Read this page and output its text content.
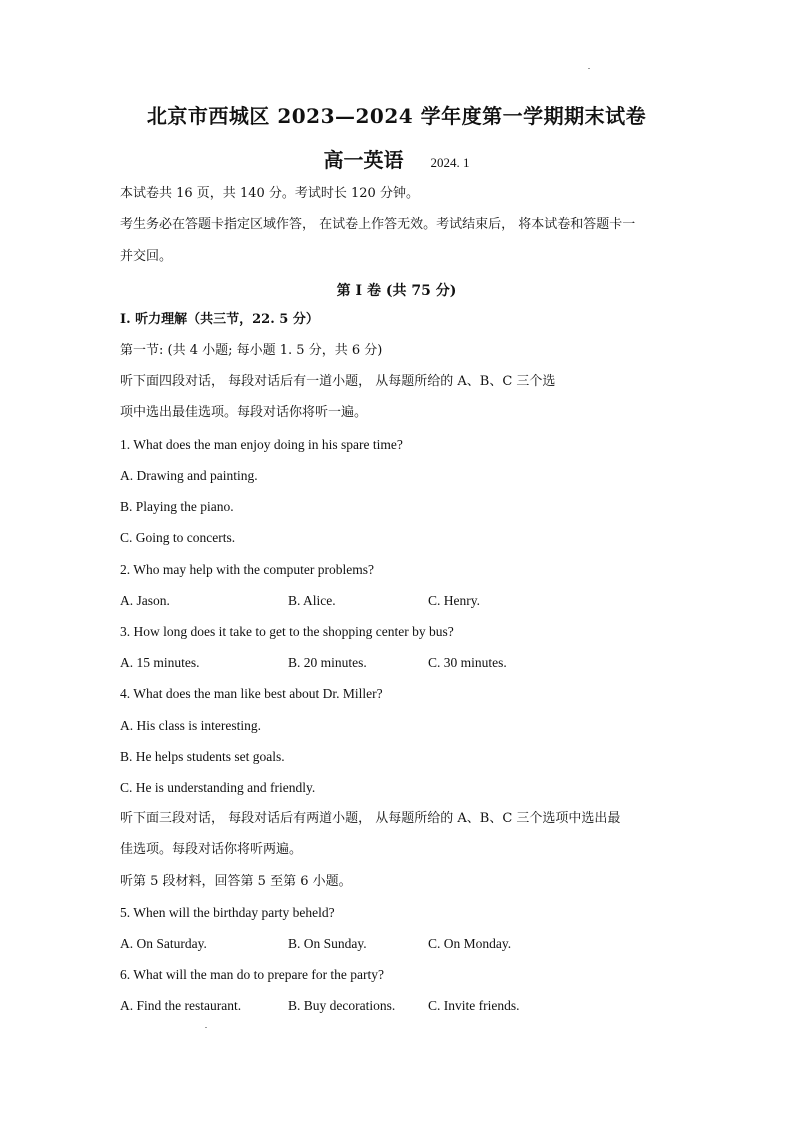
北京市西城区 2023—2024 学年度第一学期期末试卷
高一英语 2024. 1
本试卷共 16 页，共 140 分。考试时长 120 分钟。
考生务必在答题卡指定区域作答， 在试卷上作答无效。考试结束后， 将本试卷和答题卡一
并交回。
第 I 卷 (共 75 分)
Ⅰ. 听力理解（共三节，22. 5 分）
第一节: (共 4 小题; 每小题 1. 5 分，共 6 分)
听下面四段对话， 每段对话后有一道小题， 从每题所给的 A、B、C 三个选
项中选出最佳选项。每段对话你将听一遍。
1. What does the man enjoy doing in his spare time?
A. Drawing and painting.
B. Playing the piano.
C. Going to concerts.
2. Who may help with the computer problems?
A. Jason.	B. Alice.	C. Henry.
3. How long does it take to get to the shopping center by bus?
A. 15 minutes.	B. 20 minutes.	C. 30 minutes.
4. What does the man like best about Dr. Miller?
A. His class is interesting.
B. He helps students set goals.
C. He is understanding and friendly.
听下面三段对话， 每段对话后有两道小题， 从每题所给的 A、B、C 三个选项中选出最
佳选项。每段对话你将听两遍。
听第 5 段材料，回答第 5 至第 6 小题。
5. When will the birthday party beheld?
A. On Saturday.	B. On Sunday.	C. On Monday.
6. What will the man do to prepare for the party?
A. Find the restaurant.	B. Buy decorations. C. Invite friends.
